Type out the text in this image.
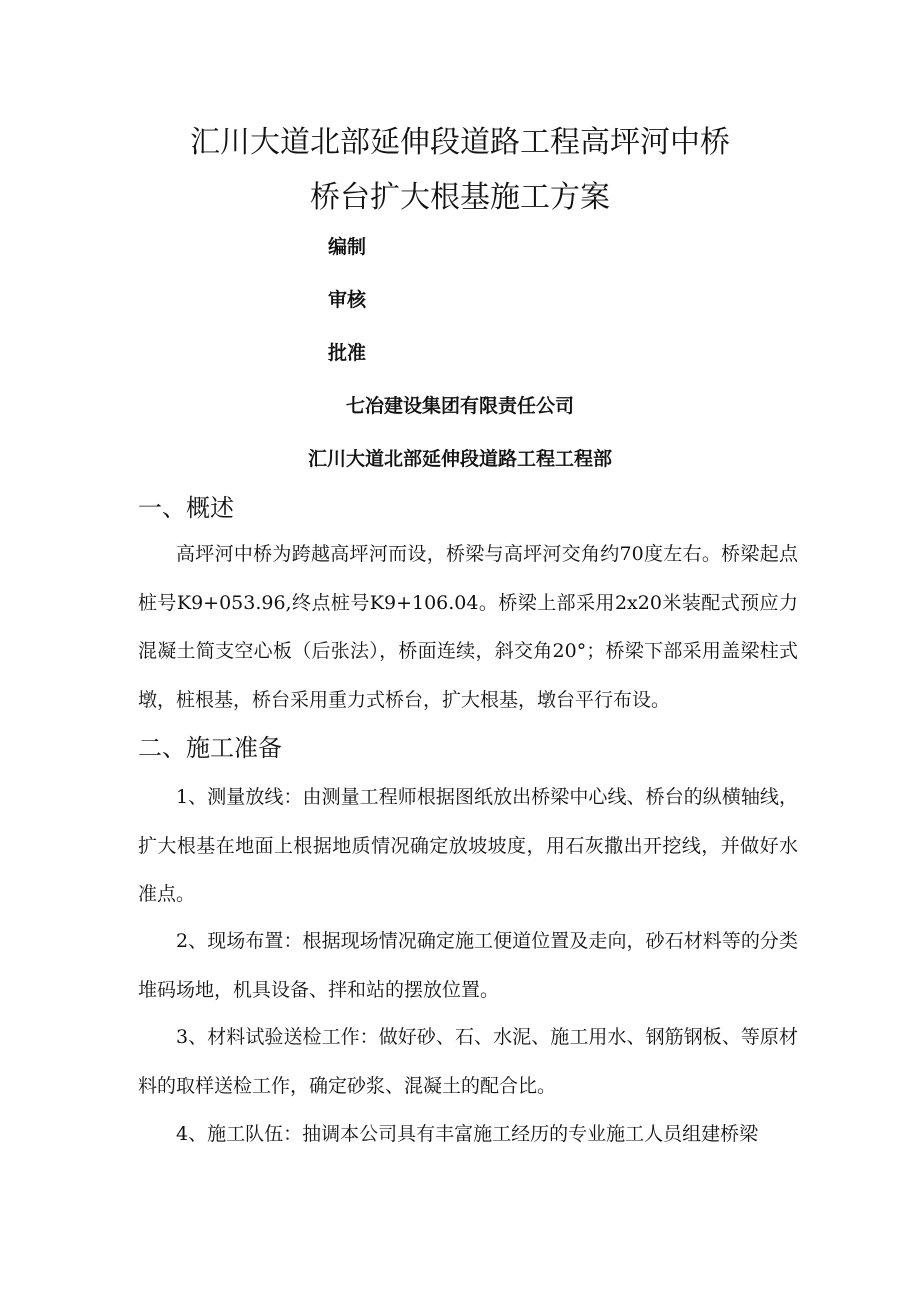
汇川大道北部延伸段道路工程高坪河中桥
桥台扩大根基施工方案
编制
审核
批准
七冶建设集团有限责任公司
汇川大道北部延伸段道路工程工程部
一、概述
高坪河中桥为跨越高坪河而设，桥梁与高坪河交角约70度左右。桥梁起点桩号K9+053.96,终点桩号K9+106.04。桥梁上部采用2x20米装配式预应力混凝土简支空心板（后张法），桥面连续，斜交角20°；桥梁下部采用盖梁柱式墩，桩根基，桥台采用重力式桥台，扩大根基，墩台平行布设。
二、施工准备
1、测量放线：由测量工程师根据图纸放出桥梁中心线、桥台的纵横轴线，扩大根基在地面上根据地质情况确定放坡坡度，用石灰撒出开挖线，并做好水准点。
2、现场布置：根据现场情况确定施工便道位置及走向，砂石材料等的分类堆码场地，机具设备、拌和站的摆放位置。
3、材料试验送检工作：做好砂、石、水泥、施工用水、钢筋钢板、等原材料的取样送检工作，确定砂浆、混凝土的配合比。
4、施工队伍：抽调本公司具有丰富施工经历的专业施工人员组建桥梁
